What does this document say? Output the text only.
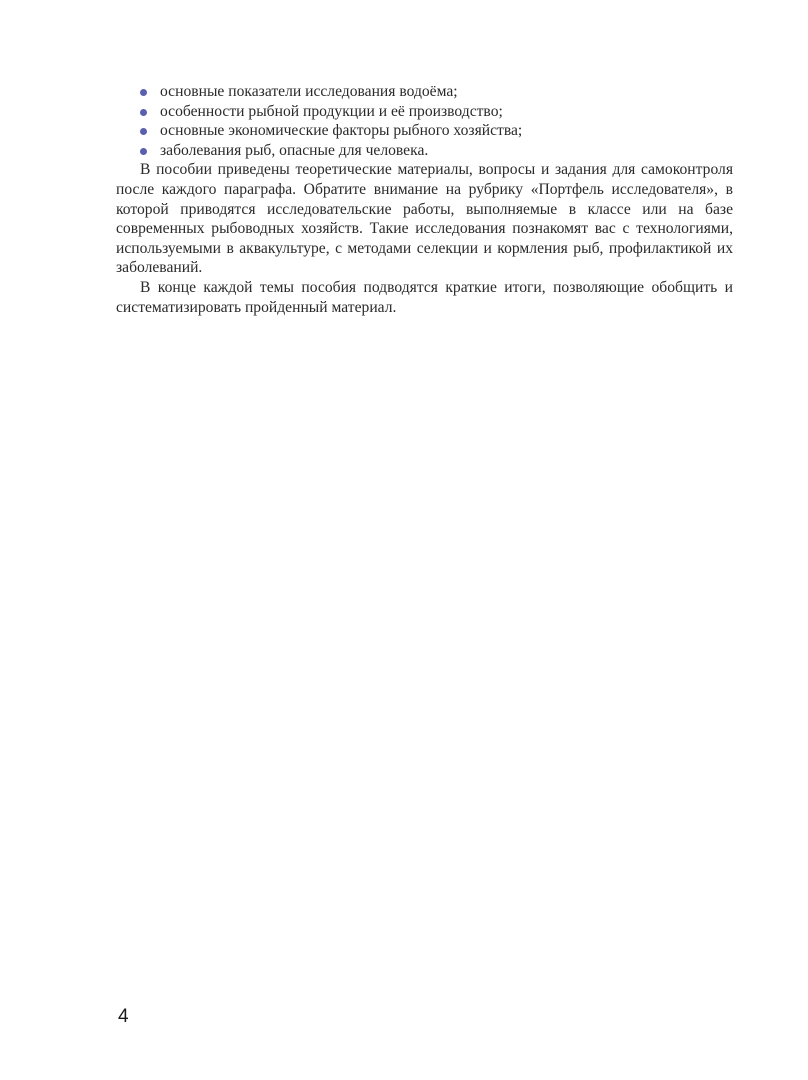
основные показатели исследования водоёма;
особенности рыбной продукции и её производство;
основные экономические факторы рыбного хозяйства;
заболевания рыб, опасные для человека.

В пособии приведены теоретические материалы, вопросы и задания для самоконтроля после каждого параграфа. Обратите внимание на рубрику «Портфель исследователя», в которой приводятся исследовательские работы, выполняемые в классе или на базе современных рыбоводных хозяйств. Такие исследования познакомят вас с технологиями, используемыми в аквакультуре, с методами селекции и кормления рыб, профилактикой их заболеваний.

В конце каждой темы пособия подводятся краткие итоги, позволяющие обобщить и систематизировать пройденный материал.

4
